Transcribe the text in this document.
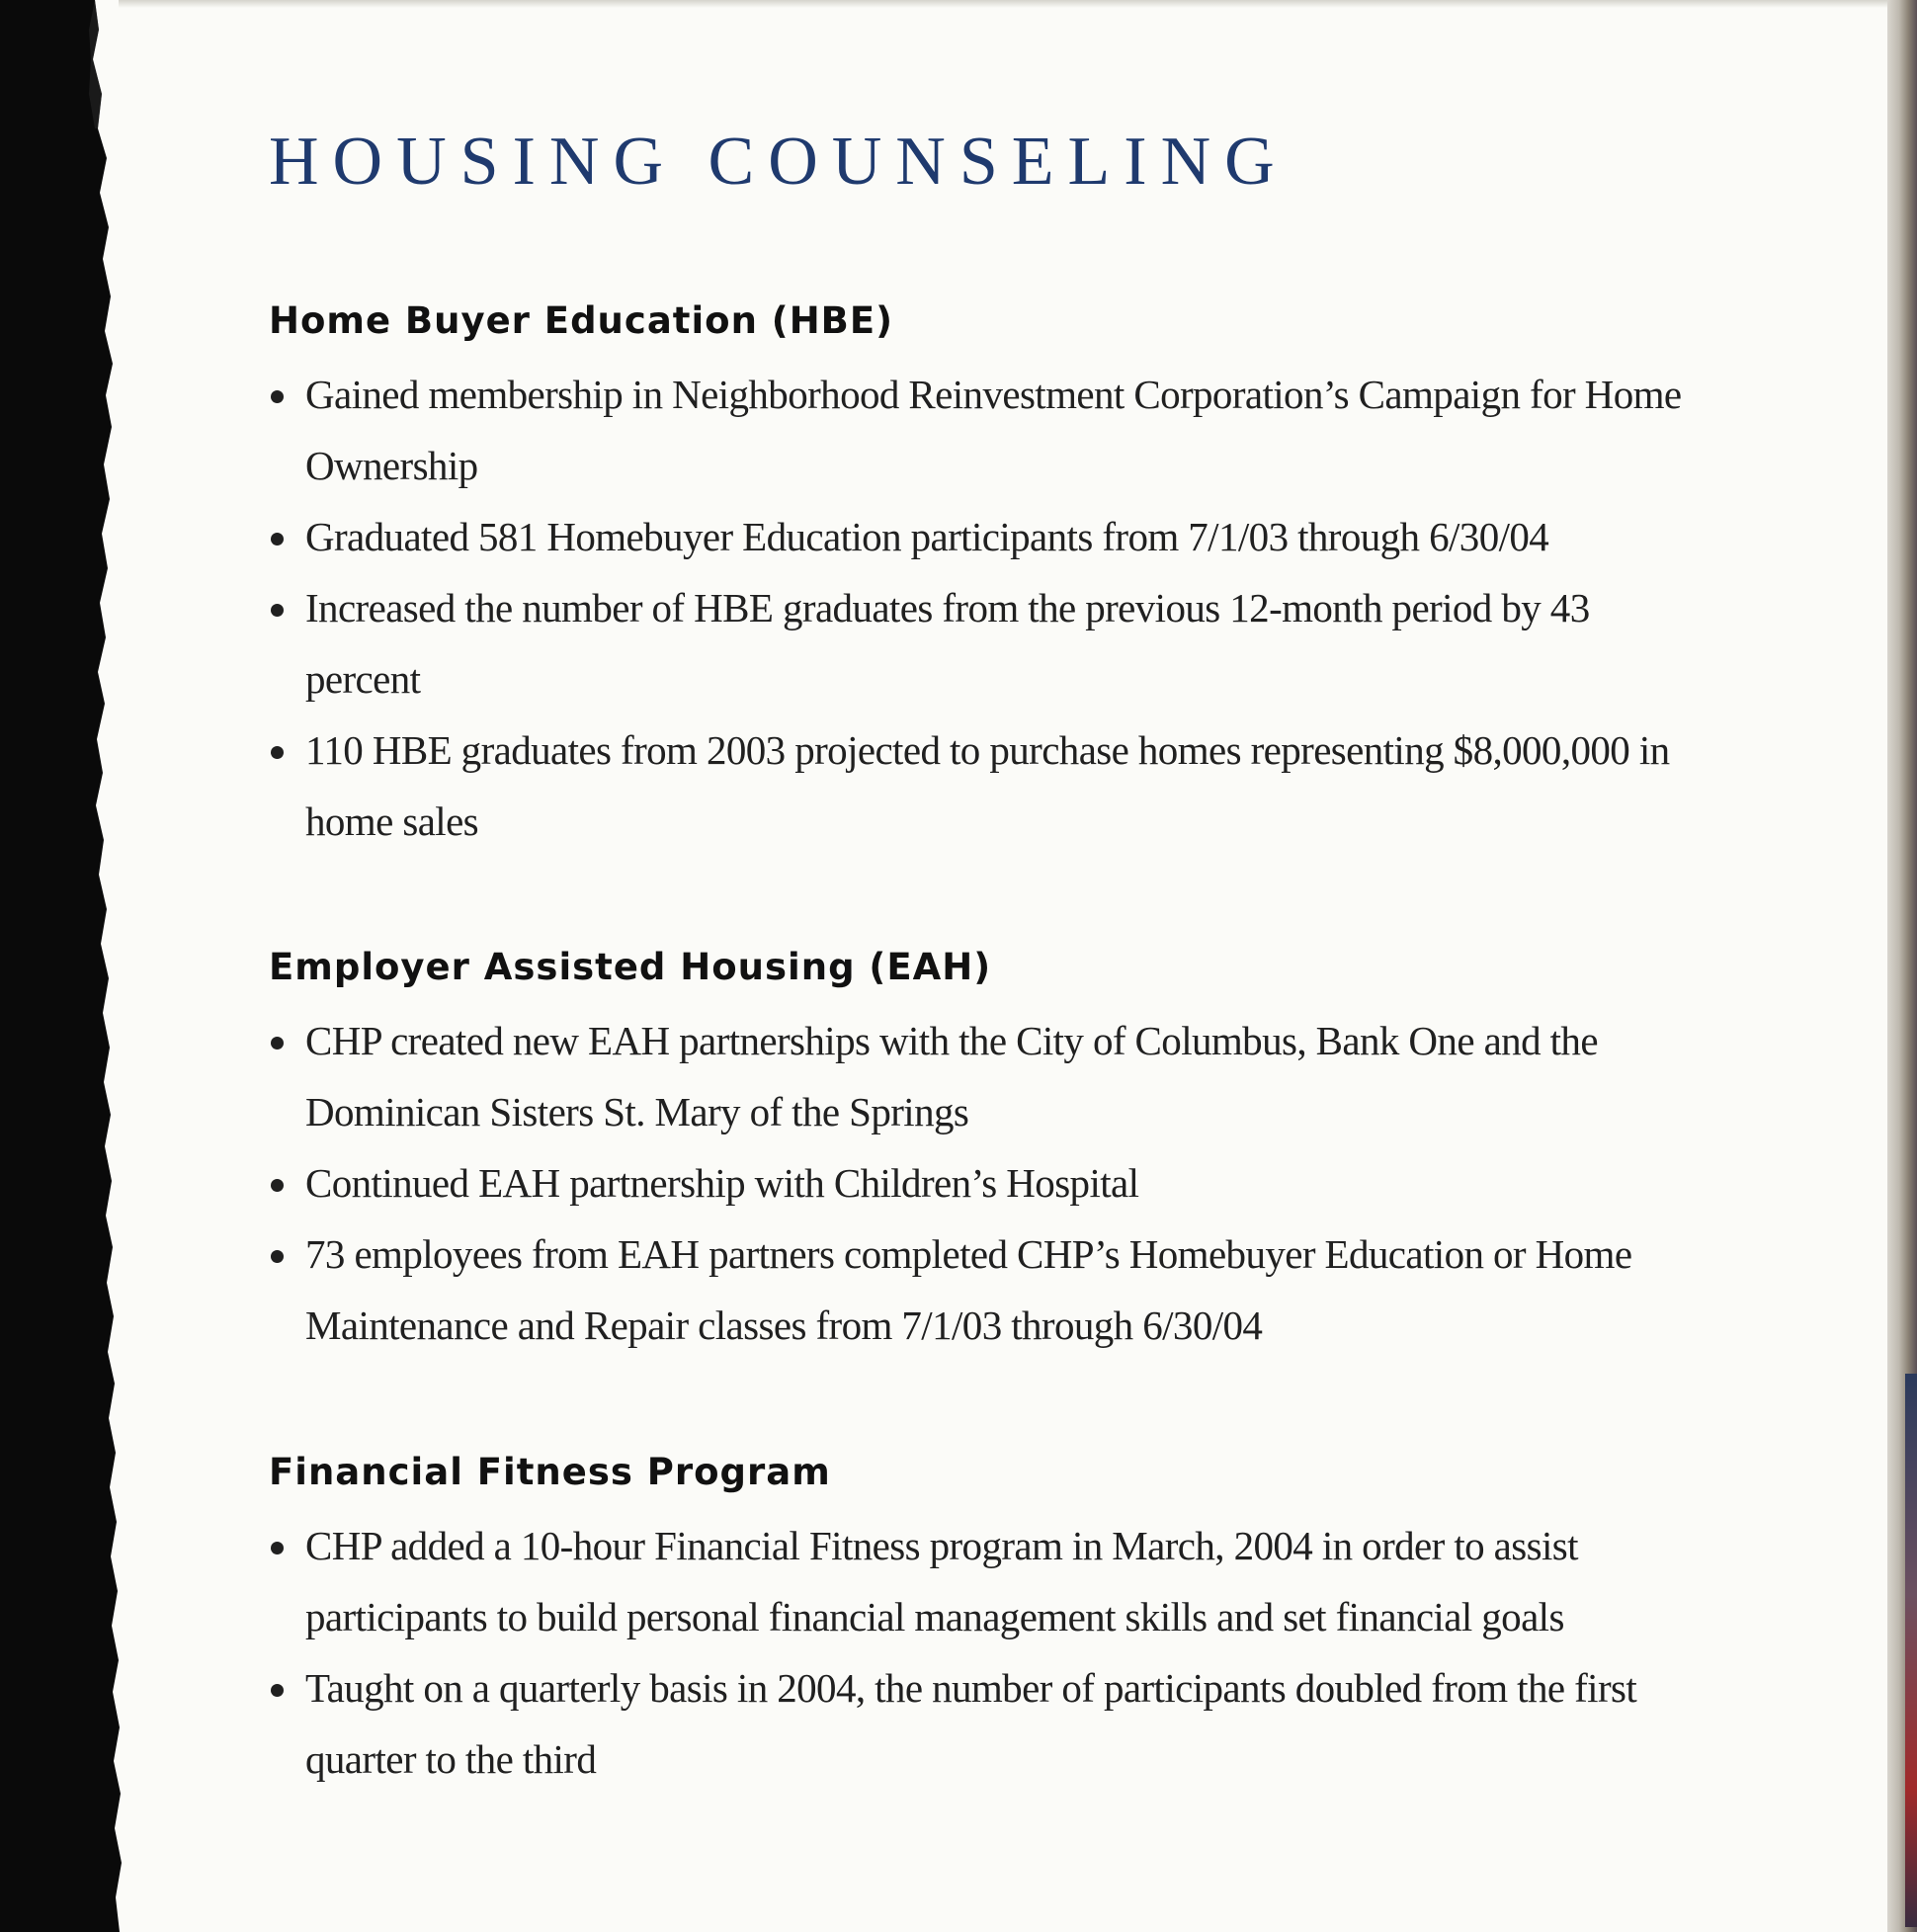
HOUSING COUNSELING
Home Buyer Education (HBE)
Gained membership in Neighborhood Reinvestment Corporation’s Campaign for Home Ownership
Graduated 581 Homebuyer Education participants from 7/1/03 through 6/30/04
Increased the number of HBE graduates from the previous 12-month period by 43 percent
110 HBE graduates from 2003 projected to purchase homes representing $8,000,000 in home sales
Employer Assisted Housing (EAH)
CHP created new EAH partnerships with the City of Columbus, Bank One and the Dominican Sisters St. Mary of the Springs
Continued EAH partnership with Children’s Hospital
73 employees from EAH partners completed CHP’s Homebuyer Education or Home Maintenance and Repair classes from 7/1/03 through 6/30/04
Financial Fitness Program
CHP added a 10-hour Financial Fitness program in March, 2004 in order to assist participants to build personal financial management skills and set financial goals
Taught on a quarterly basis in 2004, the number of participants doubled from the first quarter to the third
